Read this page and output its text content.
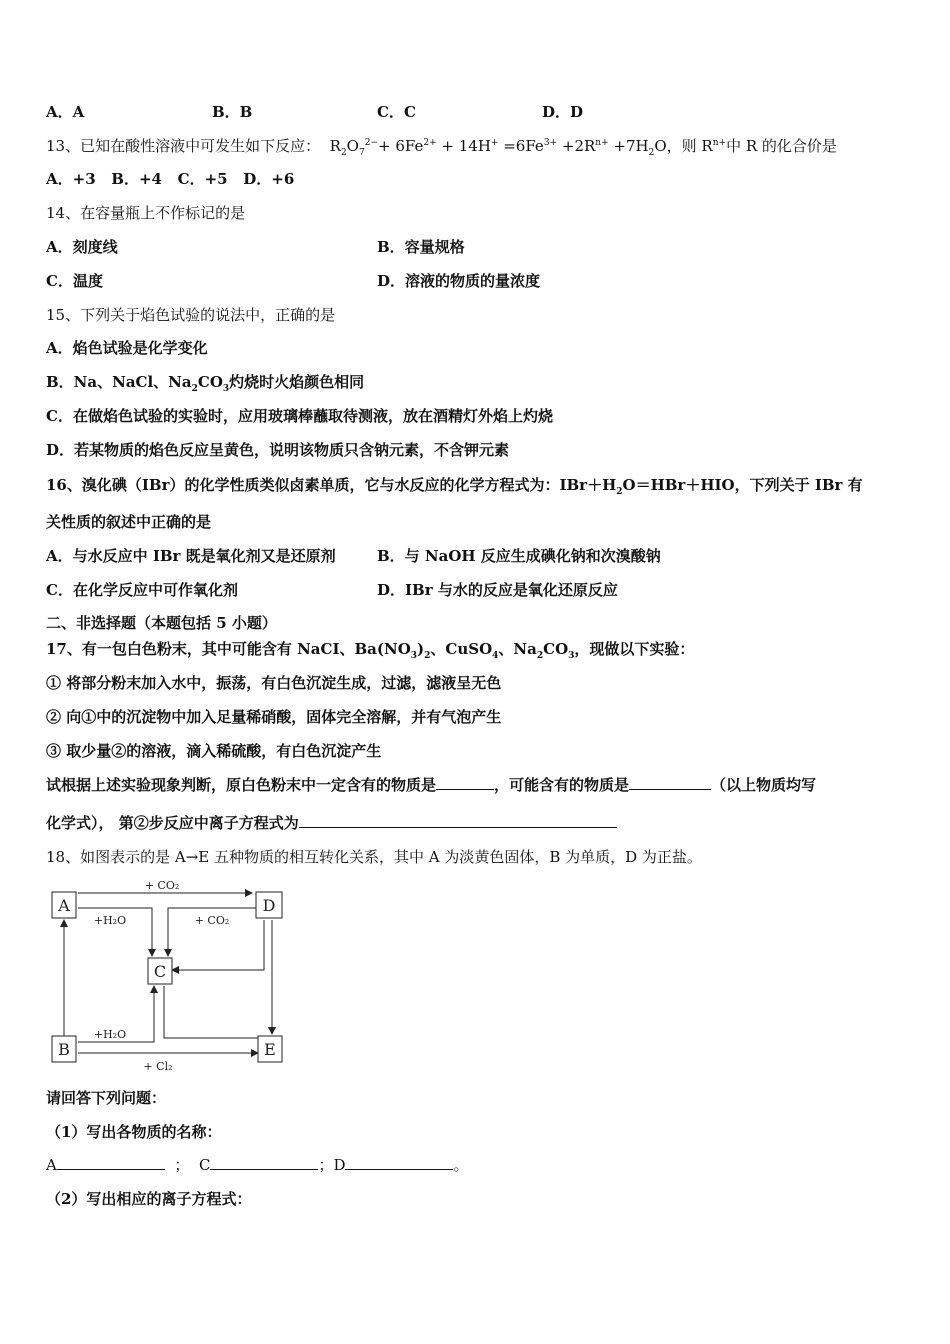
A．A	B．B	C．C	D．D
13、已知在酸性溶液中可发生如下反应： $R_2O_7^{2-}+ 6Fe^{2+} + 14H^+ =6Fe^{3+} +2R^{n+} +7H_2O$，则 $R^{n+}$中 R 的化合价是
A．+3   B．+4   C．+5   D．+6
14、在容量瓶上不作标记的是
A．刻度线	B．容量规格
C．温度	D．溶液的物质的量浓度
15、下列关于焰色试验的说法中，正确的是
A．焰色试验是化学变化
B．Na、NaCl、$Na_2CO_3$灼烧时火焰颜色相同
C．在做焰色试验的实验时，应用玻璃棒蘸取待测液，放在酒精灯外焰上灼烧
D．若某物质的焰色反应呈黄色，说明该物质只含钠元素，不含钾元素
16、溴化碘（IBr）的化学性质类似卤素单质，它与水反应的化学方程式为：$IBr+H_2O=HBr+HIO$，下列关于 IBr 有
关性质的叙述中正确的是
A．与水反应中 IBr 既是氧化剂又是还原剂	B．与 NaOH 反应生成碘化钠和次溴酸钠
C．在化学反应中可作氧化剂	D．IBr 与水的反应是氧化还原反应
二、非选择题（本题包括 5 小题）
17、有一包白色粉末，其中可能含有 NaCI、$Ba(NO_3)_2$、CuSO$_4$、$Na_2CO_3$，现做以下实验：
① 将部分粉末加入水中，振荡，有白色沉淀生成，过滤，滤液呈无色
② 向①中的沉淀物中加入足量稀硝酸，固体完全溶解，并有气泡产生
③ 取少量②的溶液，滴入稀硫酸，有白色沉淀产生
试根据上述实验现象判断，原白色粉末中一定含有的物质是	，可能含有的物质是	（以上物质均写
化学式）， 第②步反应中离子方程式为
18、如图表示的是 A→E 五种物质的相互转化关系，其中 A 为淡黄色固体，B 为单质，D 为正盐。
A	D
C
B	E
+ CO₂
+H₂O	+ CO₂
+H₂O
+ Cl₂
请回答下列问题：
（1）写出各物质的名称：
A	； C	；D	。
（2）写出相应的离子方程式：
